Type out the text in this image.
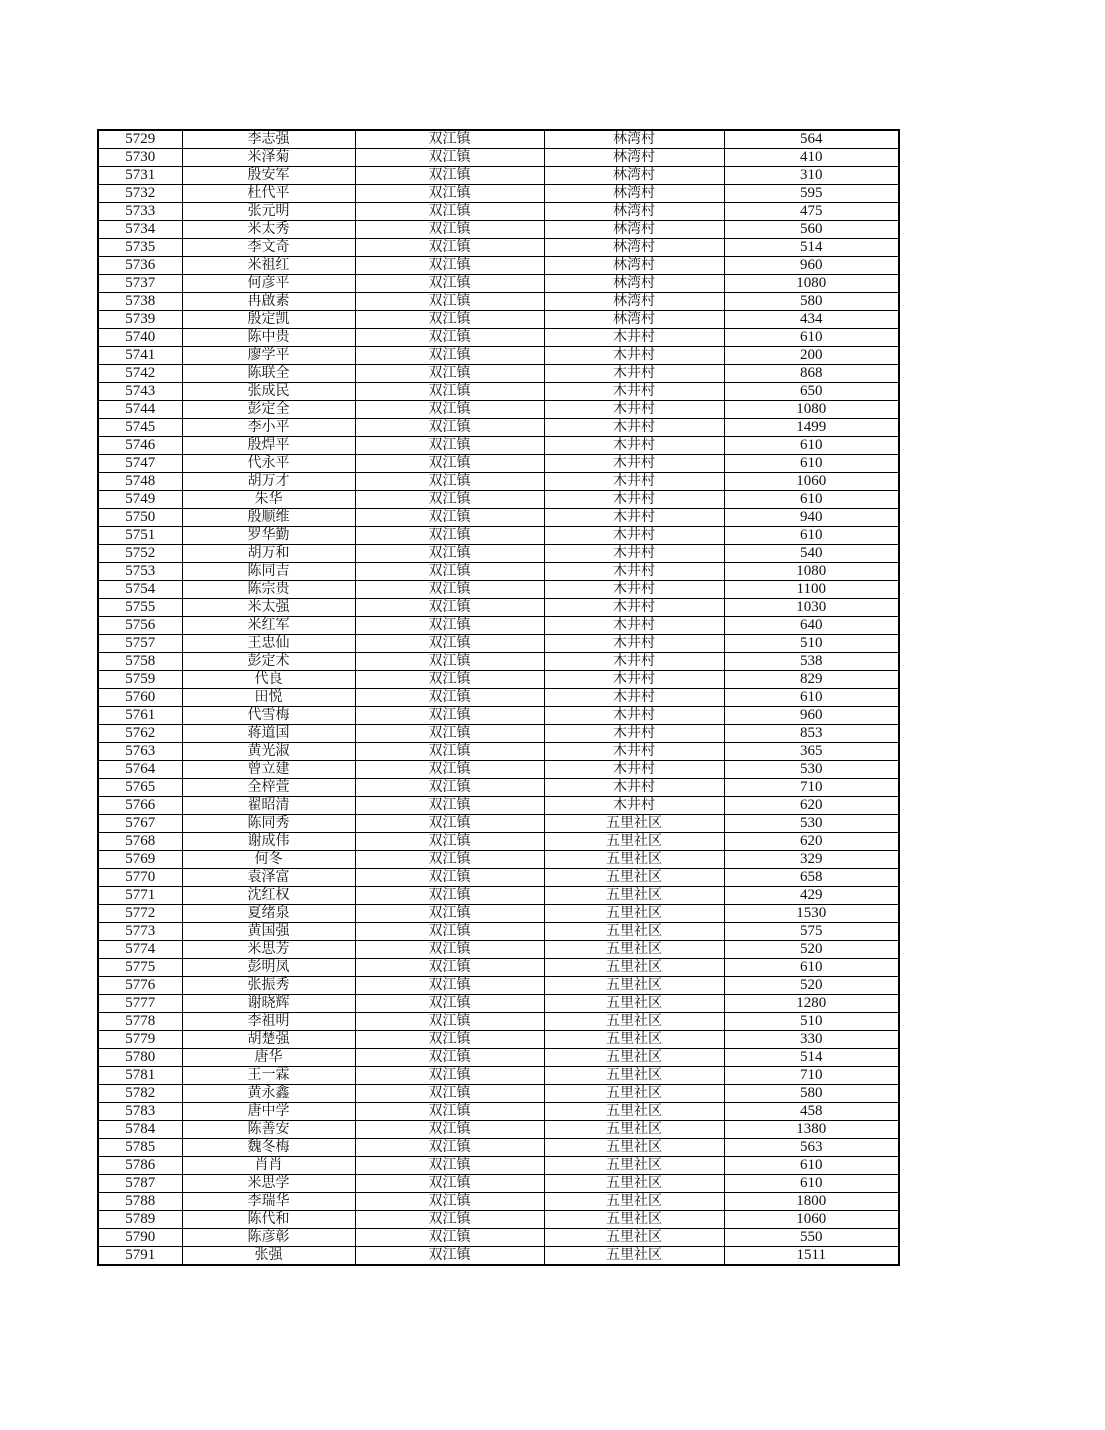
5729	李志强	双江镇	林湾村	564
5730	米泽菊	双江镇	林湾村	410
5731	殷安军	双江镇	林湾村	310
5732	杜代平	双江镇	林湾村	595
5733	张元明	双江镇	林湾村	475
5734	米太秀	双江镇	林湾村	560
5735	李文奇	双江镇	林湾村	514
5736	米祖红	双江镇	林湾村	960
5737	何彦平	双江镇	林湾村	1080
5738	冉啟素	双江镇	林湾村	580
5739	殷定凯	双江镇	林湾村	434
5740	陈中贵	双江镇	木井村	610
5741	廖学平	双江镇	木井村	200
5742	陈联全	双江镇	木井村	868
5743	张成民	双江镇	木井村	650
5744	彭定全	双江镇	木井村	1080
5745	李小平	双江镇	木井村	1499
5746	殷焊平	双江镇	木井村	610
5747	代永平	双江镇	木井村	610
5748	胡万才	双江镇	木井村	1060
5749	朱华	双江镇	木井村	610
5750	殷顺维	双江镇	木井村	940
5751	罗华勤	双江镇	木井村	610
5752	胡万和	双江镇	木井村	540
5753	陈同吉	双江镇	木井村	1080
5754	陈宗贵	双江镇	木井村	1100
5755	米太强	双江镇	木井村	1030
5756	米红军	双江镇	木井村	640
5757	王忠仙	双江镇	木井村	510
5758	彭定术	双江镇	木井村	538
5759	代良	双江镇	木井村	829
5760	田悦	双江镇	木井村	610
5761	代雪梅	双江镇	木井村	960
5762	蒋道国	双江镇	木井村	853
5763	黄光淑	双江镇	木井村	365
5764	曾立建	双江镇	木井村	530
5765	全梓萱	双江镇	木井村	710
5766	翟昭清	双江镇	木井村	620
5767	陈同秀	双江镇	五里社区	530
5768	谢成伟	双江镇	五里社区	620
5769	何冬	双江镇	五里社区	329
5770	袁泽富	双江镇	五里社区	658
5771	沈红权	双江镇	五里社区	429
5772	夏绪泉	双江镇	五里社区	1530
5773	黄国强	双江镇	五里社区	575
5774	米思芳	双江镇	五里社区	520
5775	彭明凤	双江镇	五里社区	610
5776	张振秀	双江镇	五里社区	520
5777	谢晓辉	双江镇	五里社区	1280
5778	李祖明	双江镇	五里社区	510
5779	胡楚强	双江镇	五里社区	330
5780	唐华	双江镇	五里社区	514
5781	王一霖	双江镇	五里社区	710
5782	黄永鑫	双江镇	五里社区	580
5783	唐中学	双江镇	五里社区	458
5784	陈善安	双江镇	五里社区	1380
5785	魏冬梅	双江镇	五里社区	563
5786	肖肖	双江镇	五里社区	610
5787	米思学	双江镇	五里社区	610
5788	李瑞华	双江镇	五里社区	1800
5789	陈代和	双江镇	五里社区	1060
5790	陈彦彰	双江镇	五里社区	550
5791	张强	双江镇	五里社区	1511
